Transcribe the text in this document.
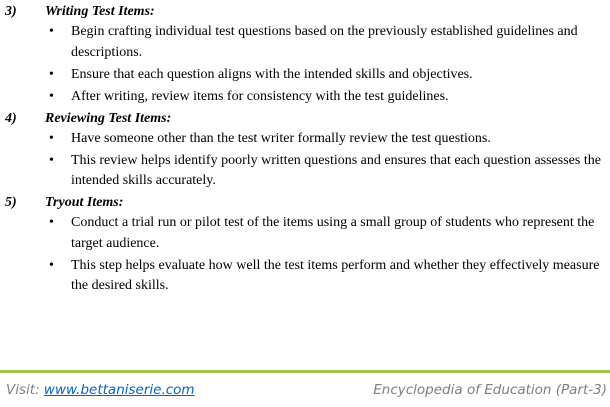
3) Writing Test Items:
• Begin crafting individual test questions based on the previously established guidelines and descriptions.
• Ensure that each question aligns with the intended skills and objectives.
• After writing, review items for consistency with the test guidelines.
4) Reviewing Test Items:
• Have someone other than the test writer formally review the test questions.
• This review helps identify poorly written questions and ensures that each question assesses the intended skills accurately.
5) Tryout Items:
• Conduct a trial run or pilot test of the items using a small group of students who represent the target audience.
• This step helps evaluate how well the test items perform and whether they effectively measure the desired skills.
Visit: www.bettaniserie.com	Encyclopedia of Education (Part-3)
